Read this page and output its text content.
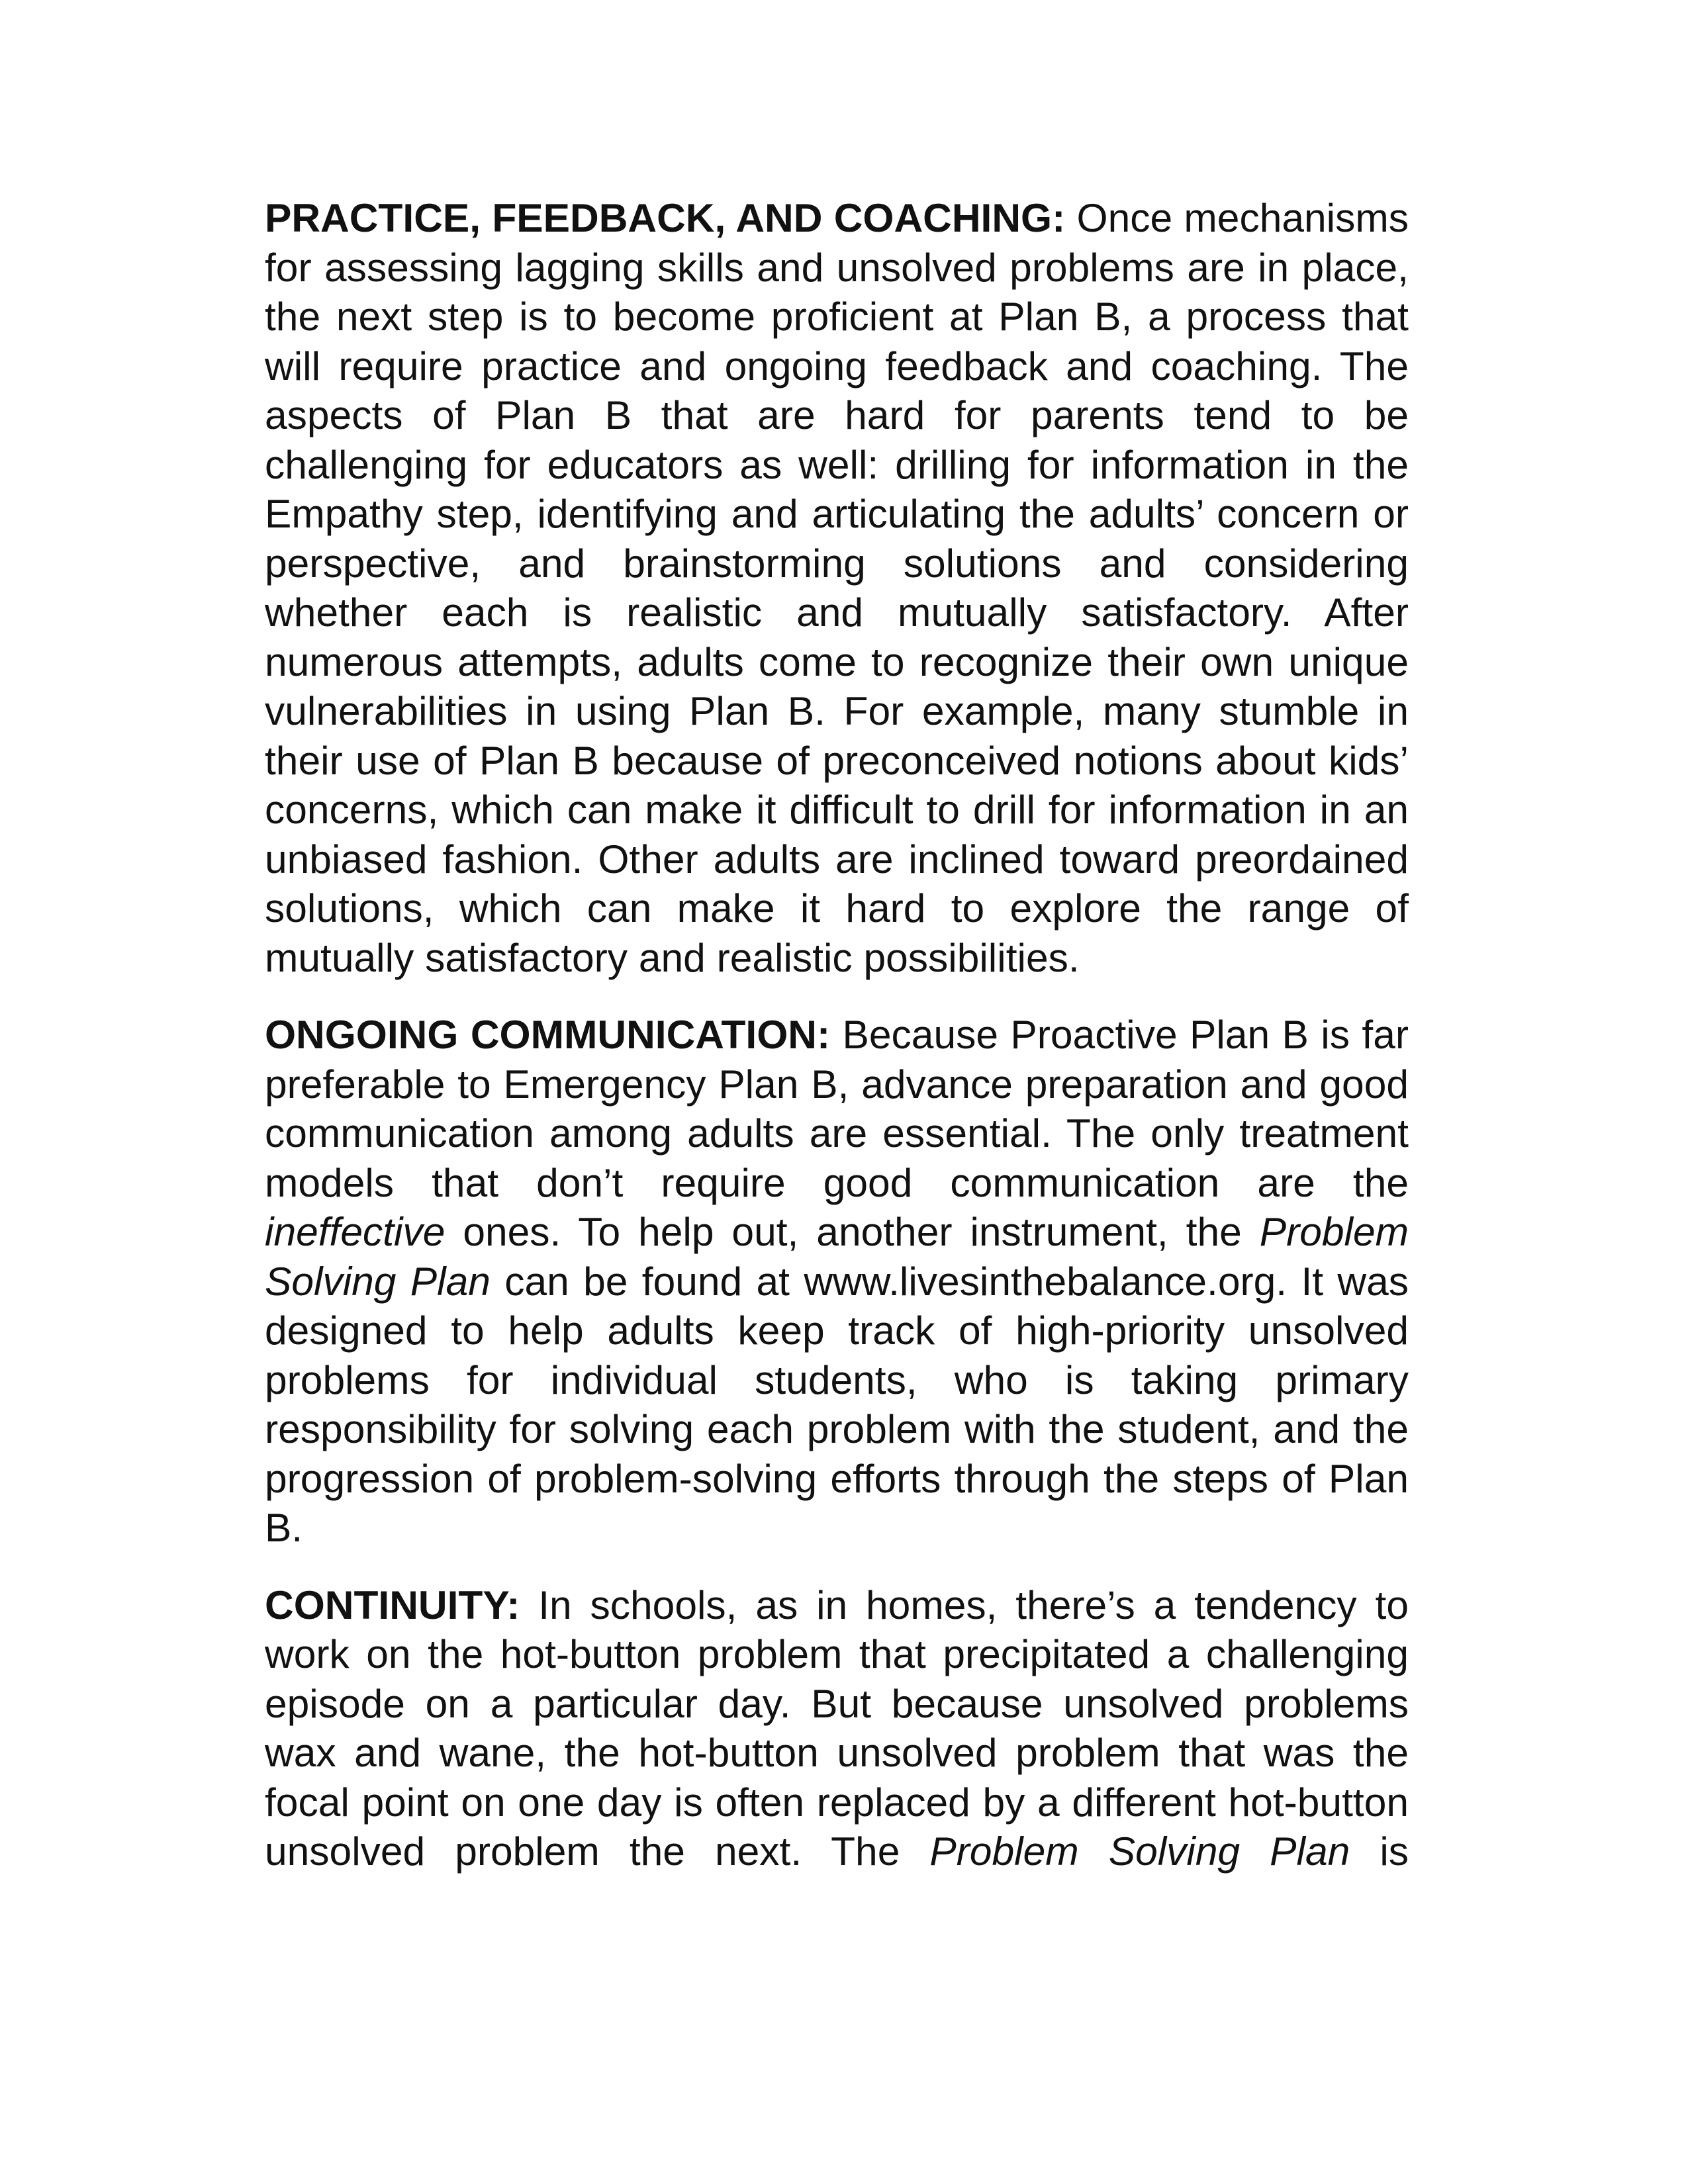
PRACTICE, FEEDBACK, AND COACHING: Once mechanisms for assessing lagging skills and unsolved problems are in place, the next step is to become proficient at Plan B, a process that will require practice and ongoing feedback and coaching. The aspects of Plan B that are hard for parents tend to be challenging for educators as well: drilling for information in the Empathy step, identifying and articulating the adults’ concern or perspective, and brainstorming solutions and considering whether each is realistic and mutually satisfactory. After numerous attempts, adults come to recognize their own unique vulnerabilities in using Plan B. For example, many stumble in their use of Plan B because of preconceived notions about kids’ concerns, which can make it difficult to drill for information in an unbiased fashion. Other adults are inclined toward preordained solutions, which can make it hard to explore the range of mutually satisfactory and realistic possibilities.

ONGOING COMMUNICATION: Because Proactive Plan B is far preferable to Emergency Plan B, advance preparation and good communication among adults are essential. The only treatment models that don’t require good communication are the ineffective ones. To help out, another instrument, the Problem Solving Plan can be found at www.livesinthebalance.org. It was designed to help adults keep track of high-priority unsolved problems for individual students, who is taking primary responsibility for solving each problem with the student, and the progression of problem-solving efforts through the steps of Plan B.

CONTINUITY: In schools, as in homes, there’s a tendency to work on the hot-button problem that precipitated a challenging episode on a particular day. But because unsolved problems wax and wane, the hot-button unsolved problem that was the focal point on one day is often replaced by a different hot-button unsolved problem the next. The Problem Solving Plan is
